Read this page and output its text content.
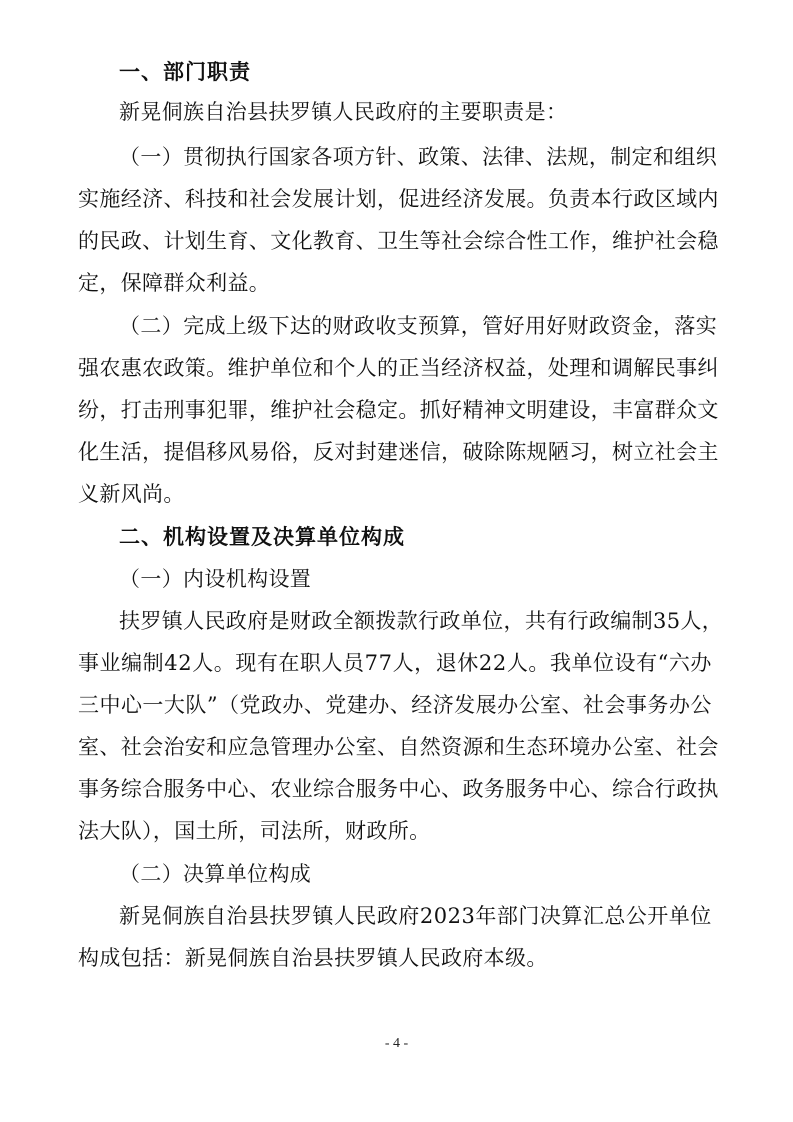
一、部门职责
新晃侗族自治县扶罗镇人民政府的主要职责是：
（ 一 ） 贯 彻 执 行 国 家 各 项 方 针 、 政 策 、 法 律 、 法 规 ， 制 定 和 组 织
实 施 经 济 、 科 技 和 社 会 发 展 计 划 ， 促 进 经 济 发 展 。 负 责 本 行 政 区 域 内
的 民 政 、 计 划 生 育 、 文 化 教 育 、 卫 生 等 社 会 综 合 性 工 作 ， 维 护 社 会 稳
定，保障群众利益。
（ 二 ） 完 成 上 级 下 达 的 财 政 收 支 预 算 ， 管 好 用 好 财 政 资 金 ， 落 实
强 农 惠 农 政 策 。 维 护 单 位 和 个 人 的 正 当 经 济 权 益 ， 处 理 和 调 解 民 事 纠
纷 ， 打 击 刑 事 犯 罪 ， 维 护 社 会 稳 定 。 抓 好 精 神 文 明 建 设 ， 丰 富 群 众 文
化 生 活 ， 提 倡 移 风 易 俗 ， 反 对 封 建 迷 信 ， 破 除 陈 规 陋 习 ， 树 立 社 会 主
义新风尚。
二、机构设置及决算单位构成
（一）内设机构设置
扶 罗 镇 人 民 政 府 是 财 政 全 额 拨 款 行 政 单 位 ， 共 有 行 政 编 制 3 5 人 ，
事 业 编 制 4 2 人 。 现 有 在 职 人 员 7 7 人 ， 退 休 2 2 人 。 我 单 位 设 有 “ 六 办
三 中 心 一 大 队 ” （ 党 政 办 、 党 建 办 、 经 济 发 展 办 公 室 、 社 会 事 务 办 公
室 、 社 会 治 安 和 应 急 管 理 办 公 室 、 自 然 资 源 和 生 态 环 境 办 公 室 、 社 会
事 务 综 合 服 务 中 心 、 农 业 综 合 服 务 中 心 、 政 务 服 务 中 心 、 综 合 行 政 执
法大队），国土所，司法所，财政所。
（二）决算单位构成
新 晃 侗 族 自 治 县 扶 罗 镇 人 民 政 府 2 0 2 3 年 部 门 决 算 汇 总 公 开 单 位
构成包括：新晃侗族自治县扶罗镇人民政府本级。
- 4 -
